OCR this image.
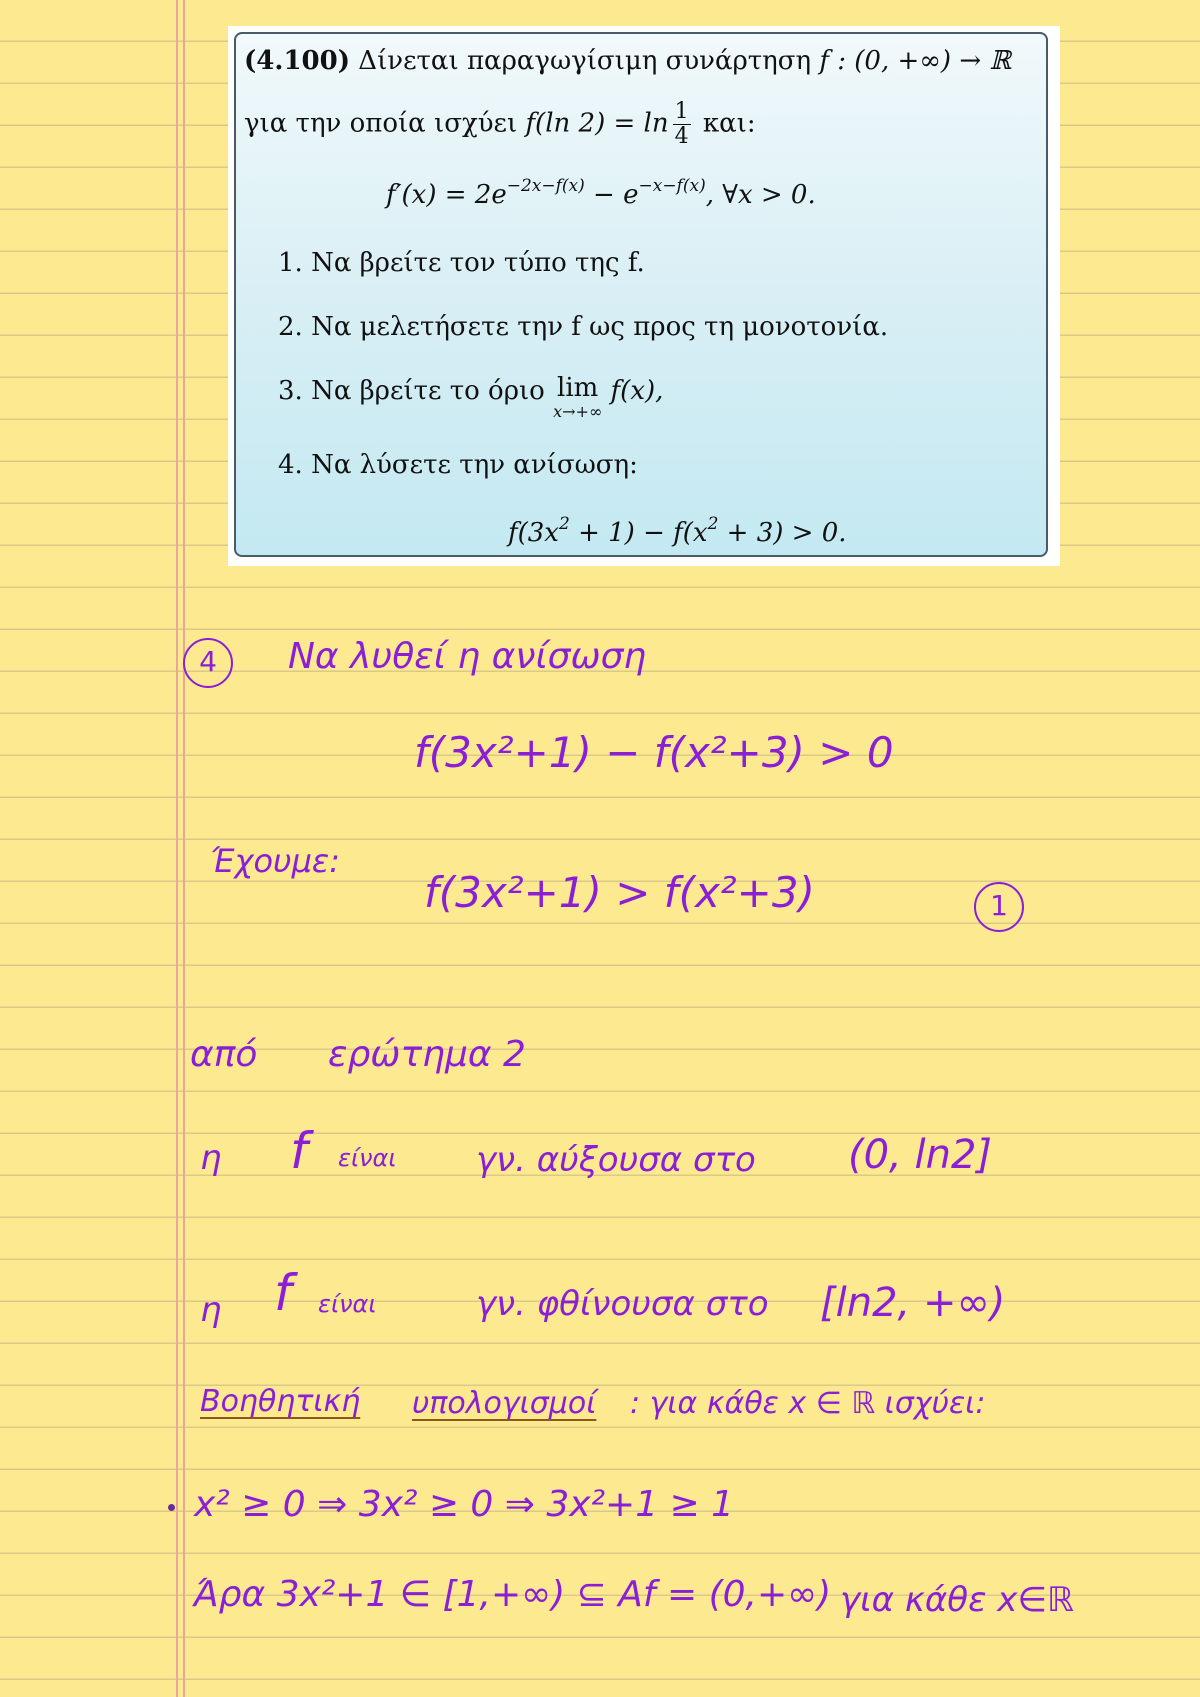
(4.100) Δίνεται παραγωγίσιμη συνάρτηση f : (0, +∞) → ℝ
για την οποία ισχύει f(ln $2) = \ln \frac{1}{4} \kappa\alpha\iota$:
$f'(x) = 2e^{-2x-f(x)} - e^{-x-f(x)}$, ∀x > 0.
1. Να βρείτε τον τύπο της f.
2. Να μελετήσετε την f ως προς τη μονοτονία.
3. Να βρείτε το όριο lim
x→+∞
f(x),
4. Να λύσετε την ανίσωση:
$f(3x^2 + 1) - f(x^2 + 3) > 0$.
4	Να λυθεί η ανίσωση
f(3x²+1) − f(x²+3) > 0
Έχουμε:
f(3x²+1) > f(x²+3)	1
από ερώτημα 2
η f είναι γν. αύξουσα στο (0, ln2]
η f είναι	γν. φθίνουσα στο [ln2, +∞)
Βοηθητική υπολογισμοί : για κάθε x ∈ ℝ ισχύει:
x² ≥ 0 ⇒ 3x² ≥ 0 ⇒ 3x²+1 ≥ 1
Άρα 3x²+1 ∈ [1,+∞) ⊆ Af = (0,+∞) για κάθε x∈ℝ
